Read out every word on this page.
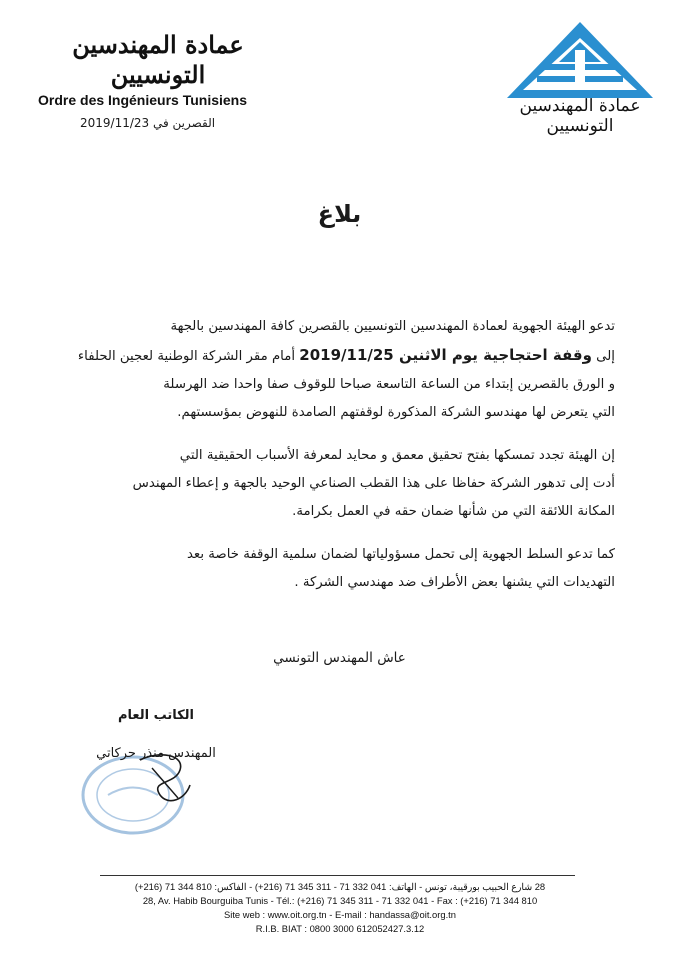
عمادة المهندسين التونسيين
Ordre des Ingénieurs Tunisiens
القصرين في 2019/11/23
عمادة المهندسين التونسيين
بلاغ
تدعو الهيئة الجهوية لعمادة المهندسين التونسيين بالقصرين كافة المهندسين بالجهة
إلى وقفة احتجاجية يوم الاثنين 2019/11/25 أمام مقر الشركة الوطنية لعجين الحلفاء
و الورق بالقصرين إبتداء من الساعة التاسعة صباحا للوقوف صفا واحدا ضد الهرسلة
التي يتعرض لها مهندسو الشركة المذكورة لوقفتهم الصامدة للنهوض بمؤسستهم.
إن الهيئة تجدد تمسكها بفتح تحقيق معمق و محايد لمعرفة الأسباب الحقيقية التي
أدت إلى تدهور الشركة حفاظا على هذا القطب الصناعي الوحيد بالجهة و إعطاء المهندس
المكانة اللائقة التي من شأنها ضمان حقه في العمل بكرامة.
كما تدعو السلط الجهوية إلى تحمل مسؤولياتها لضمان سلمية الوقفة خاصة بعد
التهديدات التي يشنها بعض الأطراف ضد مهندسي الشركة .
عاش المهندس التونسي
الكاتب العام
المهندس منذر حركاتي
28 شارع الحبيب بورقيبة، تونس - الهاتف: 041 332 71 - 311 345 71 (216+) - الفاكس: 810 344 71 (216+)
28, Av. Habib Bourguiba Tunis - Tél.: (+216) 71 345 311 - 71 332 041 - Fax : (+216) 71 344 810
Site web : www.oit.org.tn - E-mail : handassa@oit.org.tn
R.I.B. BIAT : 0800 3000 612052427.3.12
